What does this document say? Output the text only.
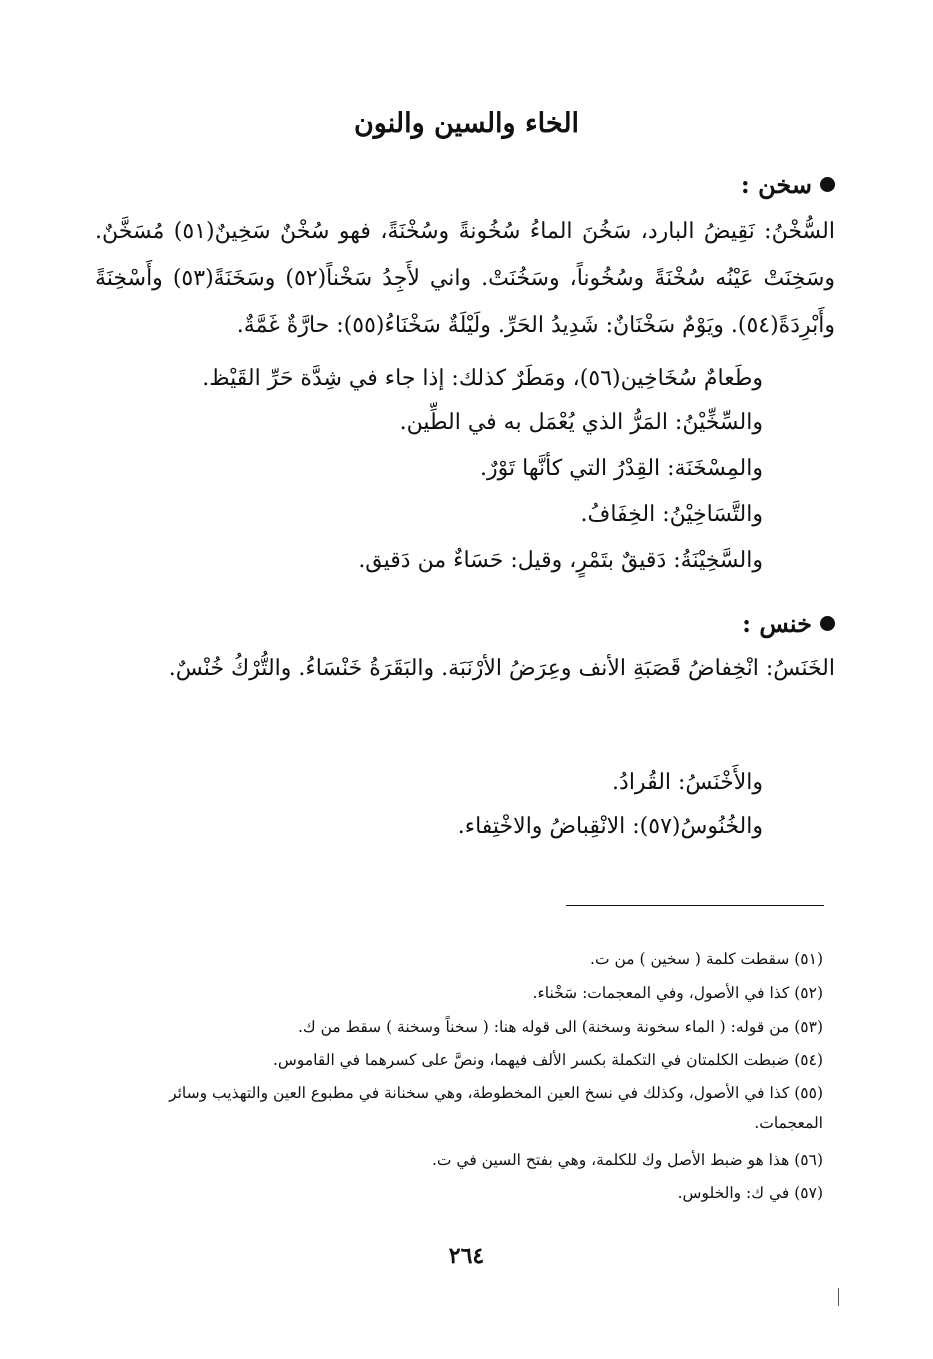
الخاء والسين والنون
سخن :

السُّخْنُ: نَقِيضُ البارد، سَخُنَ الماءُ سُخُونةً وسُخْنَةً، فهو سُخْنٌ سَخِينٌ(٥١) مُسَخَّنٌ. وسَخِنَتْ عَيْنُه سُخْنَةً وسُخُوناً، وسَخُنَتْ. واني لأَجِدُ سَخْناً(٥٢) وسَخَنَةً(٥٣) وأَسْخِنَةً وأَبْرِدَةً(٥٤). ويَوْمٌ سَخْنَانٌ: شَدِيدُ الحَرِّ. ولَيْلَةٌ سَخْنَاءُ(٥٥): حارَّةٌ غَمَّةٌ.

وطَعامٌ سُخَاخِين(٥٦)، ومَطَرٌ كذلك: إذا جاء في شِدَّة حَرِّ القَيْظ.

والسِّخِّيْنُ: المَرُّ الذي يُعْمَل به في الطِّين.

والمِسْخَنَة: القِدْرُ التي كأنَّها تَوْرٌ.

والتَّسَاخِيْنُ: الخِفَافُ.

والسَّخِيْنَةُ: دَقيقٌ بتَمْرٍ، وقيل: حَسَاءٌ من دَقيق.

خنس :

الخَنَسُ: انْخِفاضُ قَصَبَةِ الأنف وعِرَضُ الأرْنَبَة. والبَقَرَةُ خَنْسَاءُ. والتُّرْكُ خُنْسٌ.

والأَخْنَسُ: القُرادُ.

والخُنُوسُ(٥٧): الانْقِباضُ والاخْتِفاء.

(٥١) سقطت كلمة ( سخين ) من ت.

(٥٢) كذا في الأصول، وفي المعجمات: سَخْناء.

(٥٣) من قوله: ( الماء سخونة وسخنة) الى قوله هنا: ( سخناً وسخنة ) سقط من ك.

(٥٤) ضبطت الكلمتان في التكملة بكسر الألف فيهما، ونصَّ على كسرهما في القاموس.

(٥٥) كذا في الأصول، وكذلك في نسخ العين المخطوطة، وهي سخنانة في مطبوع العين والتهذيب وسائر المعجمات.

(٥٦) هذا هو ضبط الأصل وك للكلمة، وهي بفتح السين في ت.

(٥٧) في ك: والخلوس.

٢٦٤
